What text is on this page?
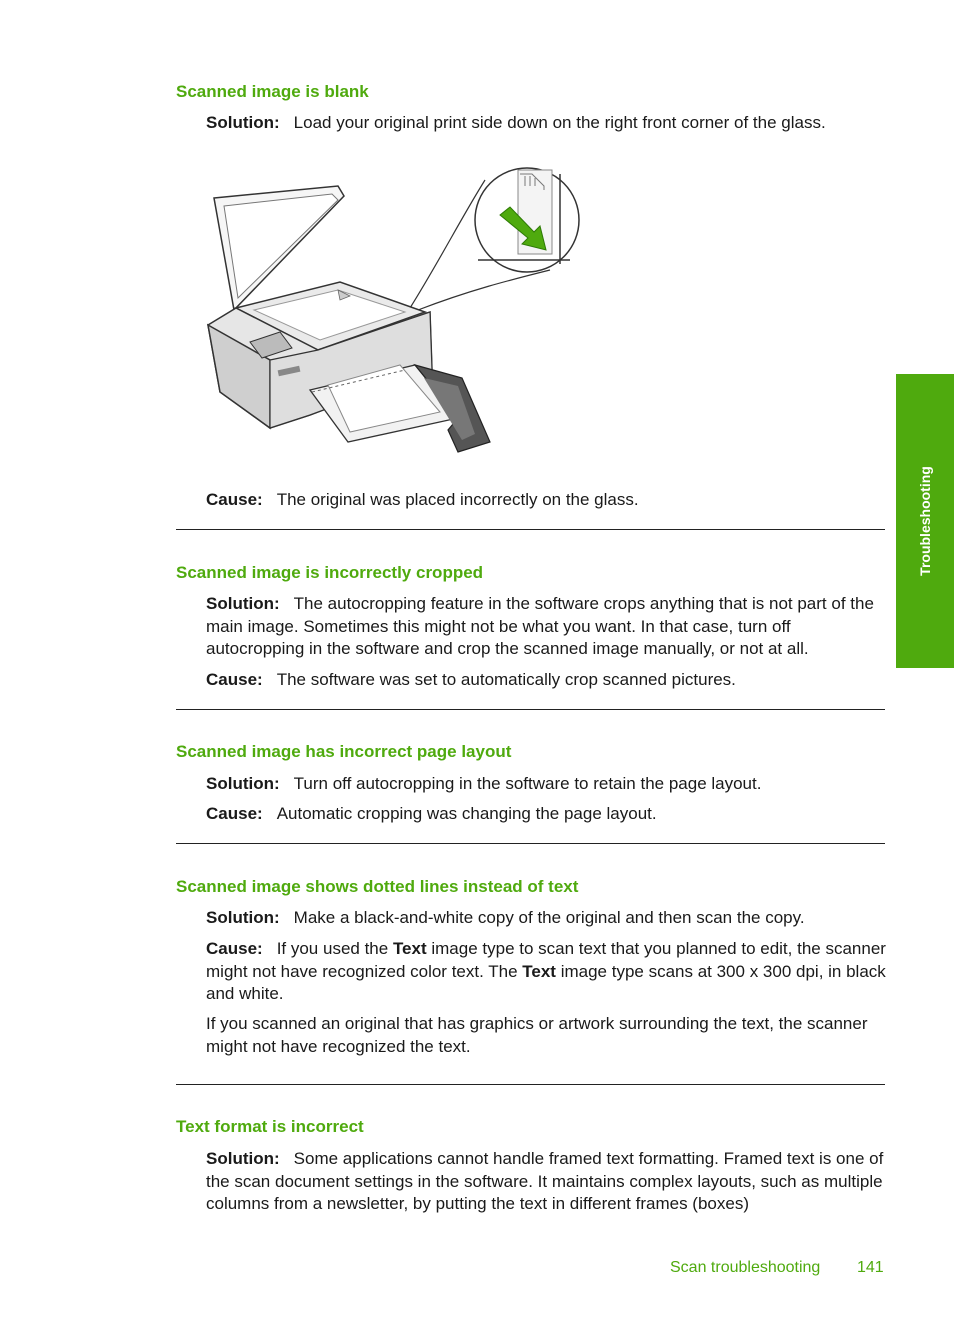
Scanned image is blank

Solution: Load your original print side down on the right front corner of the glass.

Cause: The original was placed incorrectly on the glass.

Scanned image is incorrectly cropped

Solution: The autocropping feature in the software crops anything that is not part of the main image. Sometimes this might not be what you want. In that case, turn off autocropping in the software and crop the scanned image manually, or not at all.

Cause: The software was set to automatically crop scanned pictures.

Scanned image has incorrect page layout

Solution: Turn off autocropping in the software to retain the page layout.

Cause: Automatic cropping was changing the page layout.

Scanned image shows dotted lines instead of text

Solution: Make a black-and-white copy of the original and then scan the copy.

Cause: If you used the Text image type to scan text that you planned to edit, the scanner might not have recognized color text. The Text image type scans at 300 x 300 dpi, in black and white.

If you scanned an original that has graphics or artwork surrounding the text, the scanner might not have recognized the text.

Text format is incorrect

Solution: Some applications cannot handle framed text formatting. Framed text is one of the scan document settings in the software. It maintains complex layouts, such as multiple columns from a newsletter, by putting the text in different frames (boxes)

Troubleshooting
Scan troubleshooting 141
